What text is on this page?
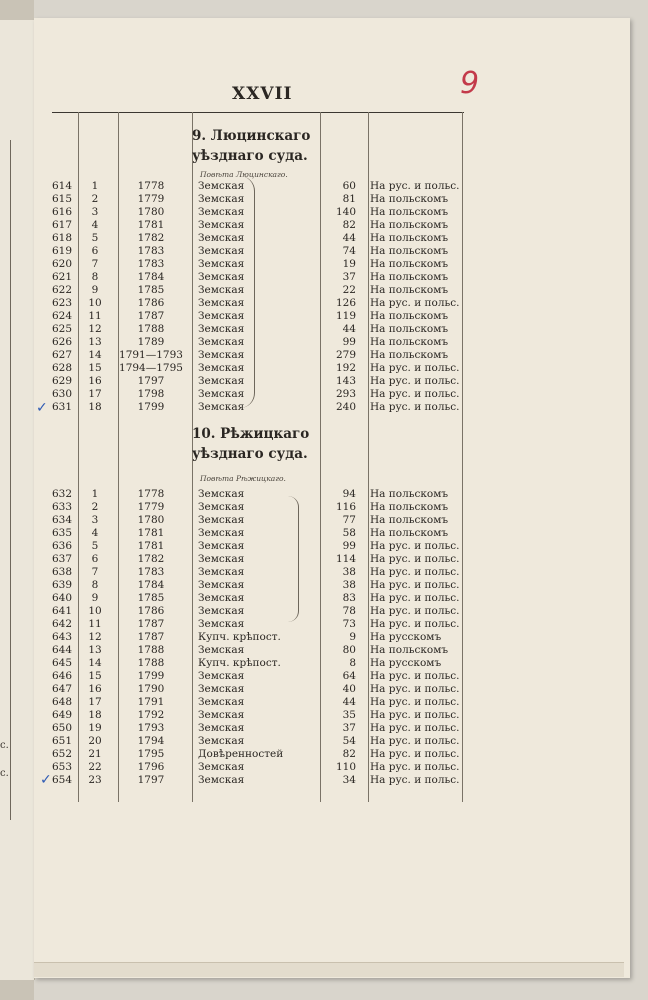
с.
с.
XXVII	9
9. Люцинскаго
уѣзднаго суда.
Повѣта Люцинскаго.
614	1	1778	Земская	60 На рус. и польс.
615	2	1779	Земская	81 На польскомъ
616	3	1780	Земская	140 На польскомъ
617	4	1781	Земская	82 На польскомъ
618	5	1782	Земская	44 На польскомъ
619	6	1783	Земская	74 На польскомъ
620	7	1783	Земская	19 На польскомъ
621	8	1784	Земская	37 На польскомъ
622	9	1785	Земская	22 На польскомъ
623	10	1786	Земская	126 На рус. и польс.
624	11	1787	Земская	119 На польскомъ
625	12	1788	Земская	44 На польскомъ
626	13	1789	Земская	99 На польскомъ
627	14	1791—1793 Земская	279 На польскомъ
628	15	1794—1795 Земская	192 На рус. и польс.
629	16	1797	Земская	143 На рус. и польс.
630	17	1798	Земская	293 На рус. и польс.
631	18	1799	Земская	240 На рус. и польс.
10. Рѣжицкаго
уѣзднаго суда.
Повѣта Рѣжицкаго.
632	1	1778	Земская	94 На польскомъ
633	2	1779	Земская	116 На польскомъ
634	3	1780	Земская	77 На польскомъ
635	4	1781	Земская	58 На польскомъ
636	5	1781	Земская	99 На рус. и польс.
637	6	1782	Земская	114 На рус. и польс.
638	7	1783	Земская	38 На рус. и польс.
639	8	1784	Земская	38 На рус. и польс.
640	9	1785	Земская	83 На рус. и польс.
641	10	1786	Земская	78 На рус. и польс.
642	11	1787	Земская	73 На рус. и польс.
643	12	1787	Купч. крѣпост.	9 На русскомъ
644	13	1788	Земская	80 На польскомъ
645	14	1788	Купч. крѣпост.	8 На русскомъ
646	15	1799	Земская	64 На рус. и польс.
647	16	1790	Земская	40 На рус. и польс.
648	17	1791	Земская	44 На рус. и польс.
649	18	1792	Земская	35 На рус. и польс.
650	19	1793	Земская	37 На рус. и польс.
651	20	1794	Земская	54 На рус. и польс.
652	21	1795	Довѣренностей	82 На рус. и польс.
653	22	1796	Земская	110 На рус. и польс.
654	23	1797	Земская	34 На рус. и польс.
✓
✓
